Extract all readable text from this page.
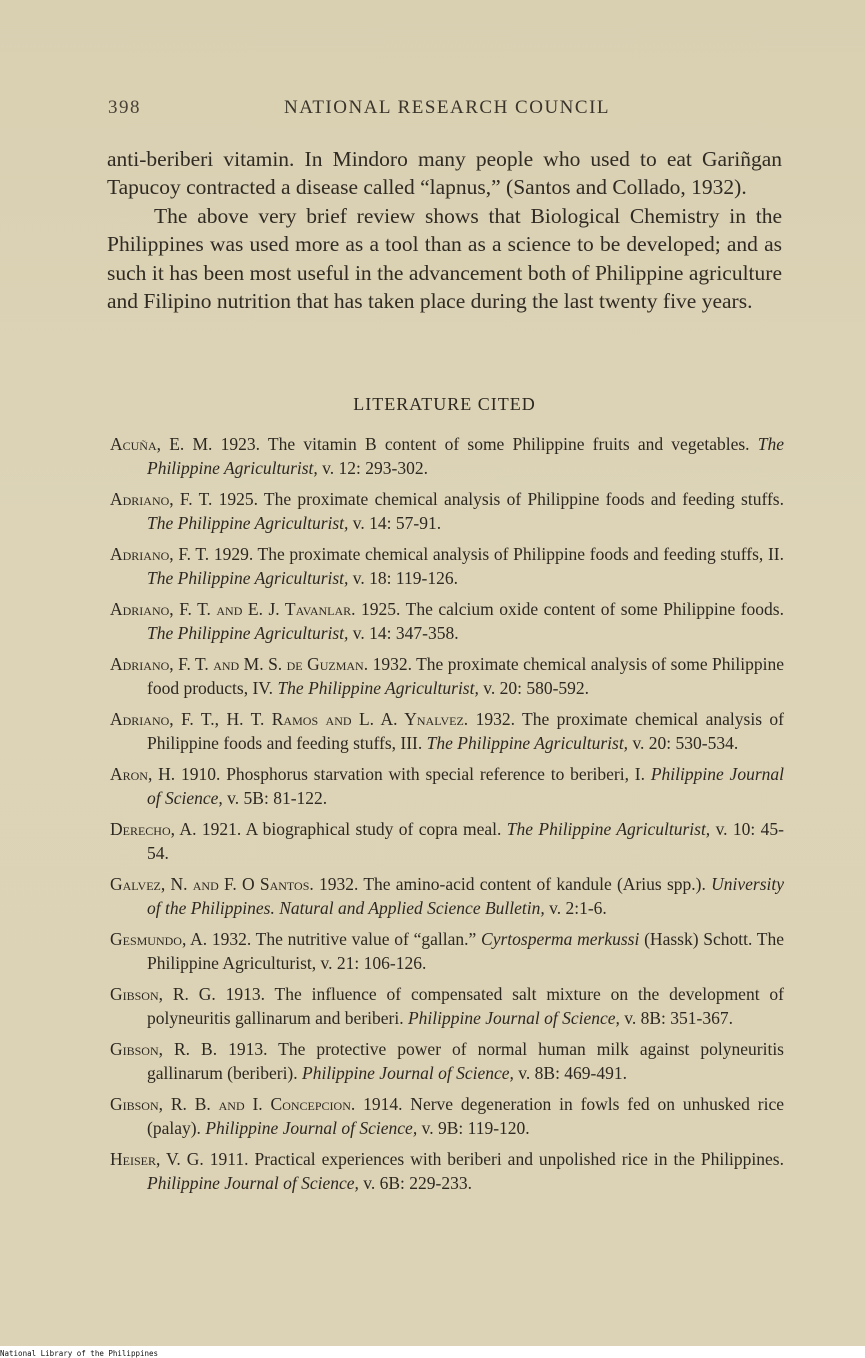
398	NATIONAL RESEARCH COUNCIL

anti-beriberi vitamin. In Mindoro many people who used to eat Gariñgan Tapucoy contracted a disease called “lapnus,” (Santos and Collado, 1932).

The above very brief review shows that Biological Chemistry in the Philippines was used more as a tool than as a science to be developed; and as such it has been most useful in the advancement both of Philippine agriculture and Filipino nutrition that has taken place during the last twenty five years.

LITERATURE CITED

Acuña, E. M. 1923. The vitamin B content of some Philippine fruits and vegetables. The Philippine Agriculturist, v. 12: 293-302.

Adriano, F. T. 1925. The proximate chemical analysis of Philippine foods and feeding stuffs. The Philippine Agriculturist, v. 14: 57-91.

Adriano, F. T. 1929. The proximate chemical analysis of Philippine foods and feeding stuffs, II. The Philippine Agriculturist, v. 18: 119-126.

Adriano, F. T. and E. J. Tavanlar. 1925. The calcium oxide content of some Philippine foods. The Philippine Agriculturist, v. 14: 347-358.

Adriano, F. T. and M. S. de Guzman. 1932. The proximate chemical analysis of some Philippine food products, IV. The Philippine Agriculturist, v. 20: 580-592.

Adriano, F. T., H. T. Ramos and L. A. Ynalvez. 1932. The proximate chemical analysis of Philippine foods and feeding stuffs, III. The Philippine Agriculturist, v. 20: 530-534.

Aron, H. 1910. Phosphorus starvation with special reference to beriberi, I. Philippine Journal of Science, v. 5B: 81-122.

Derecho, A. 1921. A biographical study of copra meal. The Philippine Agriculturist, v. 10: 45-54.

Galvez, N. and F. O Santos. 1932. The amino-acid content of kandule (Arius spp.). University of the Philippines. Natural and Applied Science Bulletin, v. 2:1-6.

Gesmundo, A. 1932. The nutritive value of “gallan.” Cyrtosperma merkussi (Hassk) Schott. The Philippine Agriculturist, v. 21: 106-126.

Gibson, R. G. 1913. The influence of compensated salt mixture on the development of polyneuritis gallinarum and beriberi. Philippine Journal of Science, v. 8B: 351-367.

Gibson, R. B. 1913. The protective power of normal human milk against polyneuritis gallinarum (beriberi). Philippine Journal of Science, v. 8B: 469-491.

Gibson, R. B. and I. Concepcion. 1914. Nerve degeneration in fowls fed on unhusked rice (palay). Philippine Journal of Science, v. 9B: 119-120.

Heiser, V. G. 1911. Practical experiences with beriberi and unpolished rice in the Philippines. Philippine Journal of Science, v. 6B: 229-233.

National Library of the Philippines
